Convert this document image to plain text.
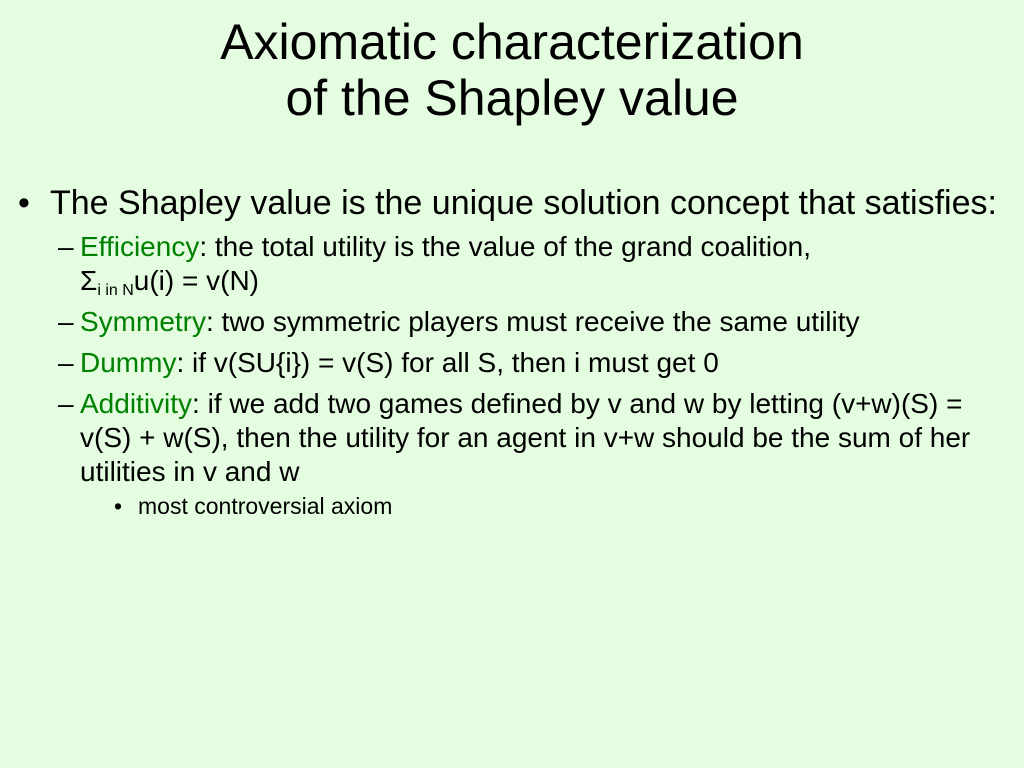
Axiomatic characterization
of the Shapley value
• The Shapley value is the unique solution concept that satisfies:
– Efficiency: the total utility is the value of the grand coalition,
$\Sigma_{i in N}u(i) = v(N)$
– Symmetry: two symmetric players must receive the same utility
– Dummy: if v(SU{i}) = v(S) for all S, then i must get 0
– Additivity: if we add two games defined by v and w by letting (v+w)(S) = v(S) + w(S), then the utility for an agent in v+w should be the sum of her utilities in v and w
• most controversial axiom
